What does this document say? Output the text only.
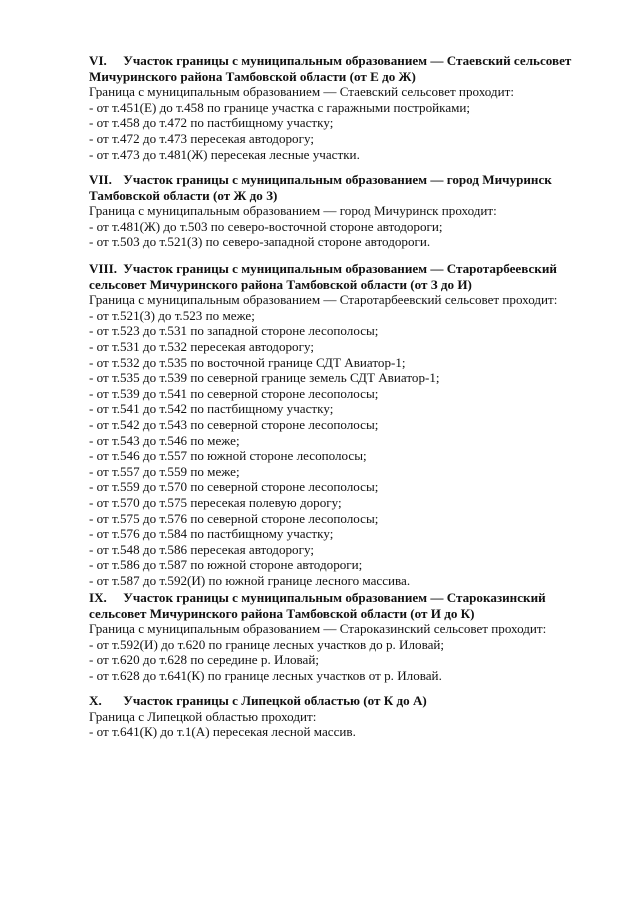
VI. Участок границы с муниципальным образованием — Стаевский сельсовет

Мичуринского района Тамбовской области (от Е до Ж)

Граница с муниципальным образованием — Стаевский сельсовет проходит:

- от т.451(Е) до т.458 по границе участка с гаражными постройками;

- от т.458 до т.472 по пастбищному участку;

- от т.472 до т.473 пересекая автодорогу;

- от т.473 до т.481(Ж) пересекая лесные участки.

VII. Участок границы с муниципальным образованием — город Мичуринск

Тамбовской области (от Ж до З)

Граница с муниципальным образованием — город Мичуринск проходит:

- от т.481(Ж) до т.503 по северо-восточной стороне автодороги;

- от т.503 до т.521(З) по северо-западной стороне автодороги.

VIII. Участок границы с муниципальным образованием — Старотарбеевский

сельсовет Мичуринского района Тамбовской области (от З до И)

Граница с муниципальным образованием — Старотарбеевский сельсовет проходит:

- от т.521(З) до т.523 по меже;

- от т.523 до т.531 по западной стороне лесополосы;

- от т.531 до т.532 пересекая автодорогу;

- от т.532 до т.535 по восточной границе СДТ Авиатор-1;

- от т.535 до т.539 по северной границе земель СДТ Авиатор-1;

- от т.539 до т.541 по северной стороне лесополосы;

- от т.541 до т.542 по пастбищному участку;

- от т.542 до т.543 по северной стороне лесополосы;

- от т.543 до т.546 по меже;

- от т.546 до т.557 по южной стороне лесополосы;

- от т.557 до т.559 по меже;

- от т.559 до т.570 по северной стороне лесополосы;

- от т.570 до т.575 пересекая полевую дорогу;

- от т.575 до т.576 по северной стороне лесополосы;

- от т.576 до т.584 по пастбищному участку;

- от т.548 до т.586 пересекая автодорогу;

- от т.586 до т.587 по южной стороне автодороги;

- от т.587 до т.592(И) по южной границе лесного массива.

IX. Участок границы с муниципальным образованием — Староказинский

сельсовет Мичуринского района Тамбовской области (от И до К)

Граница с муниципальным образованием — Староказинский сельсовет проходит:

- от т.592(И) до т.620 по границе лесных участков до р. Иловай;

- от т.620 до т.628 по середине р. Иловай;

- от т.628 до т.641(К) по границе лесных участков от р. Иловай.

X. Участок границы с Липецкой областью (от К до А)

Граница с Липецкой областью проходит:

- от т.641(К) до т.1(А) пересекая лесной массив.
